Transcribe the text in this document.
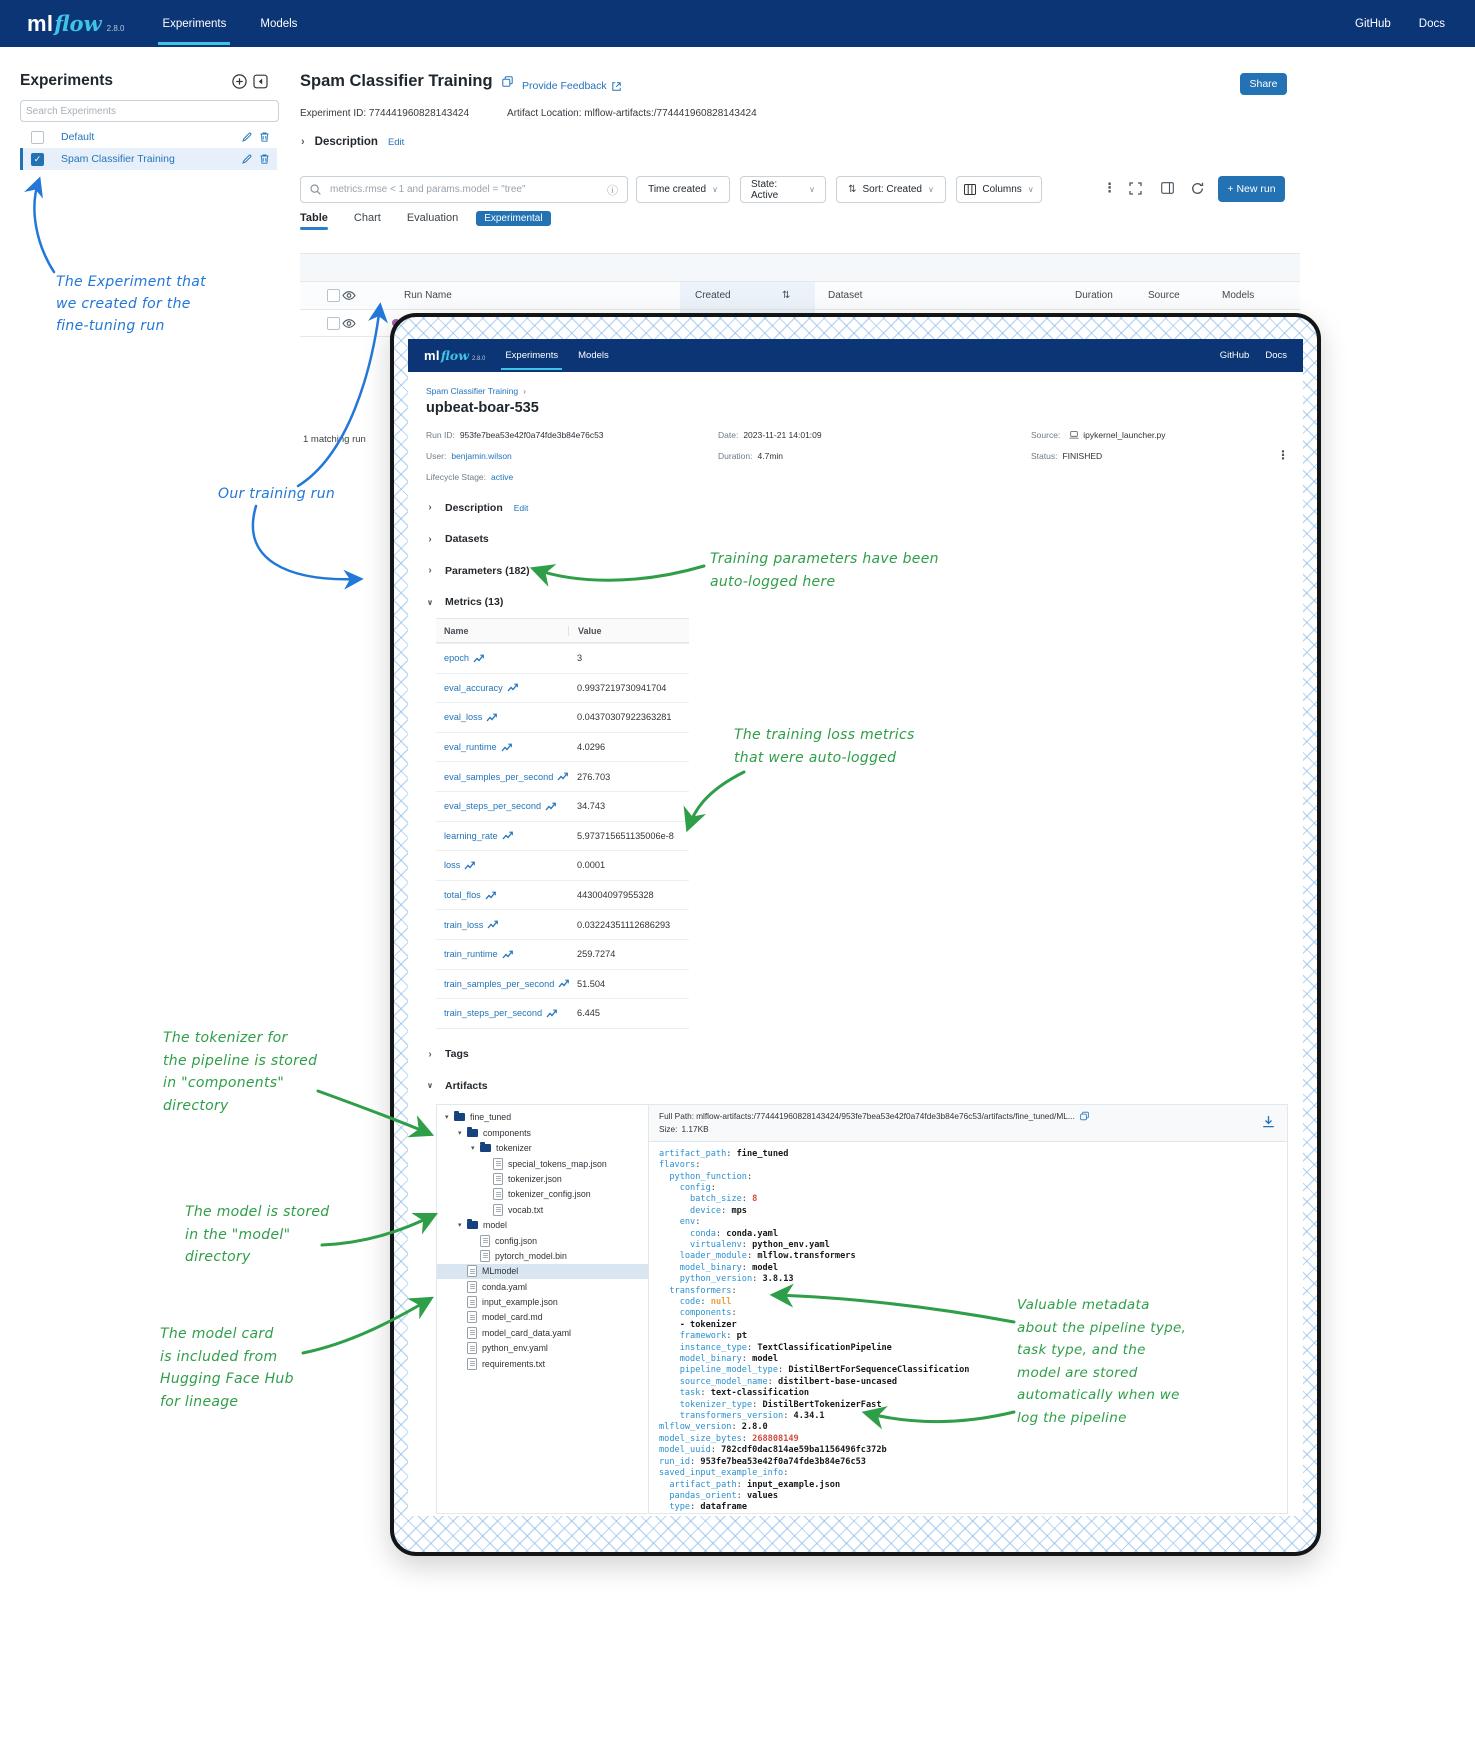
ml flow 2.8.0	Experiments	Models	GitHub Docs
Experiments
Search Experiments
Default
✓ Spam Classifier Training
Spam Classifier Training	Provide Feedback	Share
Experiment ID: 774441960828143424	Artifact Location: mlflow-artifacts:/774441960828143424
› Description Edit
metrics.rmse < 1 and params.model = "tree"
ⓘ	Time created ∨	State: Active	∨	⇅ Sort: Created ∨	Columns ∨	⋮	+ New run
Table Chart Evaluation	Experimental
Run Name	Created	⇅	Dataset	Duration	Source	Models
1 matching run
ml flow 2.8.0 Experiments Models	GitHub Docs
Spam Classifier Training ›
upbeat-boar-535
⋮
Run ID: 953fe7bea53e42f0a74fde3b84e76c53	Date: 2023-11-21 14:01:09	Source:	ipykernel_launcher.py
User: benjamin.wilson	Duration: 4.7min	Status: FINISHED
Lifecycle Stage: active
› Description Edit
› Datasets
› Parameters (182)
∨ Metrics (13)
Name	Value
epoch	3
eval_accuracy	0.9937219730941704
eval_loss	0.04370307922363281
eval_runtime	4.0296
eval_samples_per_second	276.703
eval_steps_per_second	34.743
learning_rate	5.973715651135006e-8
loss	0.0001
total_flos	443004097955328
train_loss	0.03224351112686293
train_runtime	259.7274
train_samples_per_second	51.504
train_steps_per_second	6.445
› Tags
∨ Artifacts
▾	fine_tuned
▾	components
▾	tokenizer
special_tokens_map.json
tokenizer.json
tokenizer_config.json
vocab.txt
▾	model
config.json
pytorch_model.bin
MLmodel
conda.yaml
input_example.json
model_card.md
model_card_data.yaml
python_env.yaml
requirements.txt
Full Path: mlflow-artifacts:/774441960828143424/953fe7bea53e42f0a74fde3b84e76c53/artifacts/fine_tuned/ML...
Size: 1.17KB
artifact_path: fine_tuned
flavors:
python_function:
config:
batch_size: 8
device: mps
env:
conda: conda.yaml
virtualenv: python_env.yaml
loader_module: mlflow.transformers
model_binary: model
python_version: 3.8.13
transformers:
code: null
components:
- tokenizer
framework: pt
instance_type: TextClassificationPipeline
model_binary: model
pipeline_model_type: DistilBertForSequenceClassification
source_model_name: distilbert-base-uncased
task: text-classification
tokenizer_type: DistilBertTokenizerFast
transformers_version: 4.34.1
mlflow_version: 2.8.0
model_size_bytes: 268808149
model_uuid: 782cdf0dac814ae59ba1156496fc372b
run_id: 953fe7bea53e42f0a74fde3b84e76c53
saved_input_example_info:
artifact_path: input_example.json
pandas_orient: values
type: dataframe
The Experiment that
we created for the
fine-tuning run
Our training run
Training parameters have been
auto-logged here
The training loss metrics
that were auto-logged
The tokenizer for
the pipeline is stored
in "components"
directory
The model is stored
in the "model"
directory
The model card
is included from
Hugging Face Hub
for lineage
Valuable metadata
about the pipeline type,
task type, and the
model are stored
automatically when we
log the pipeline
